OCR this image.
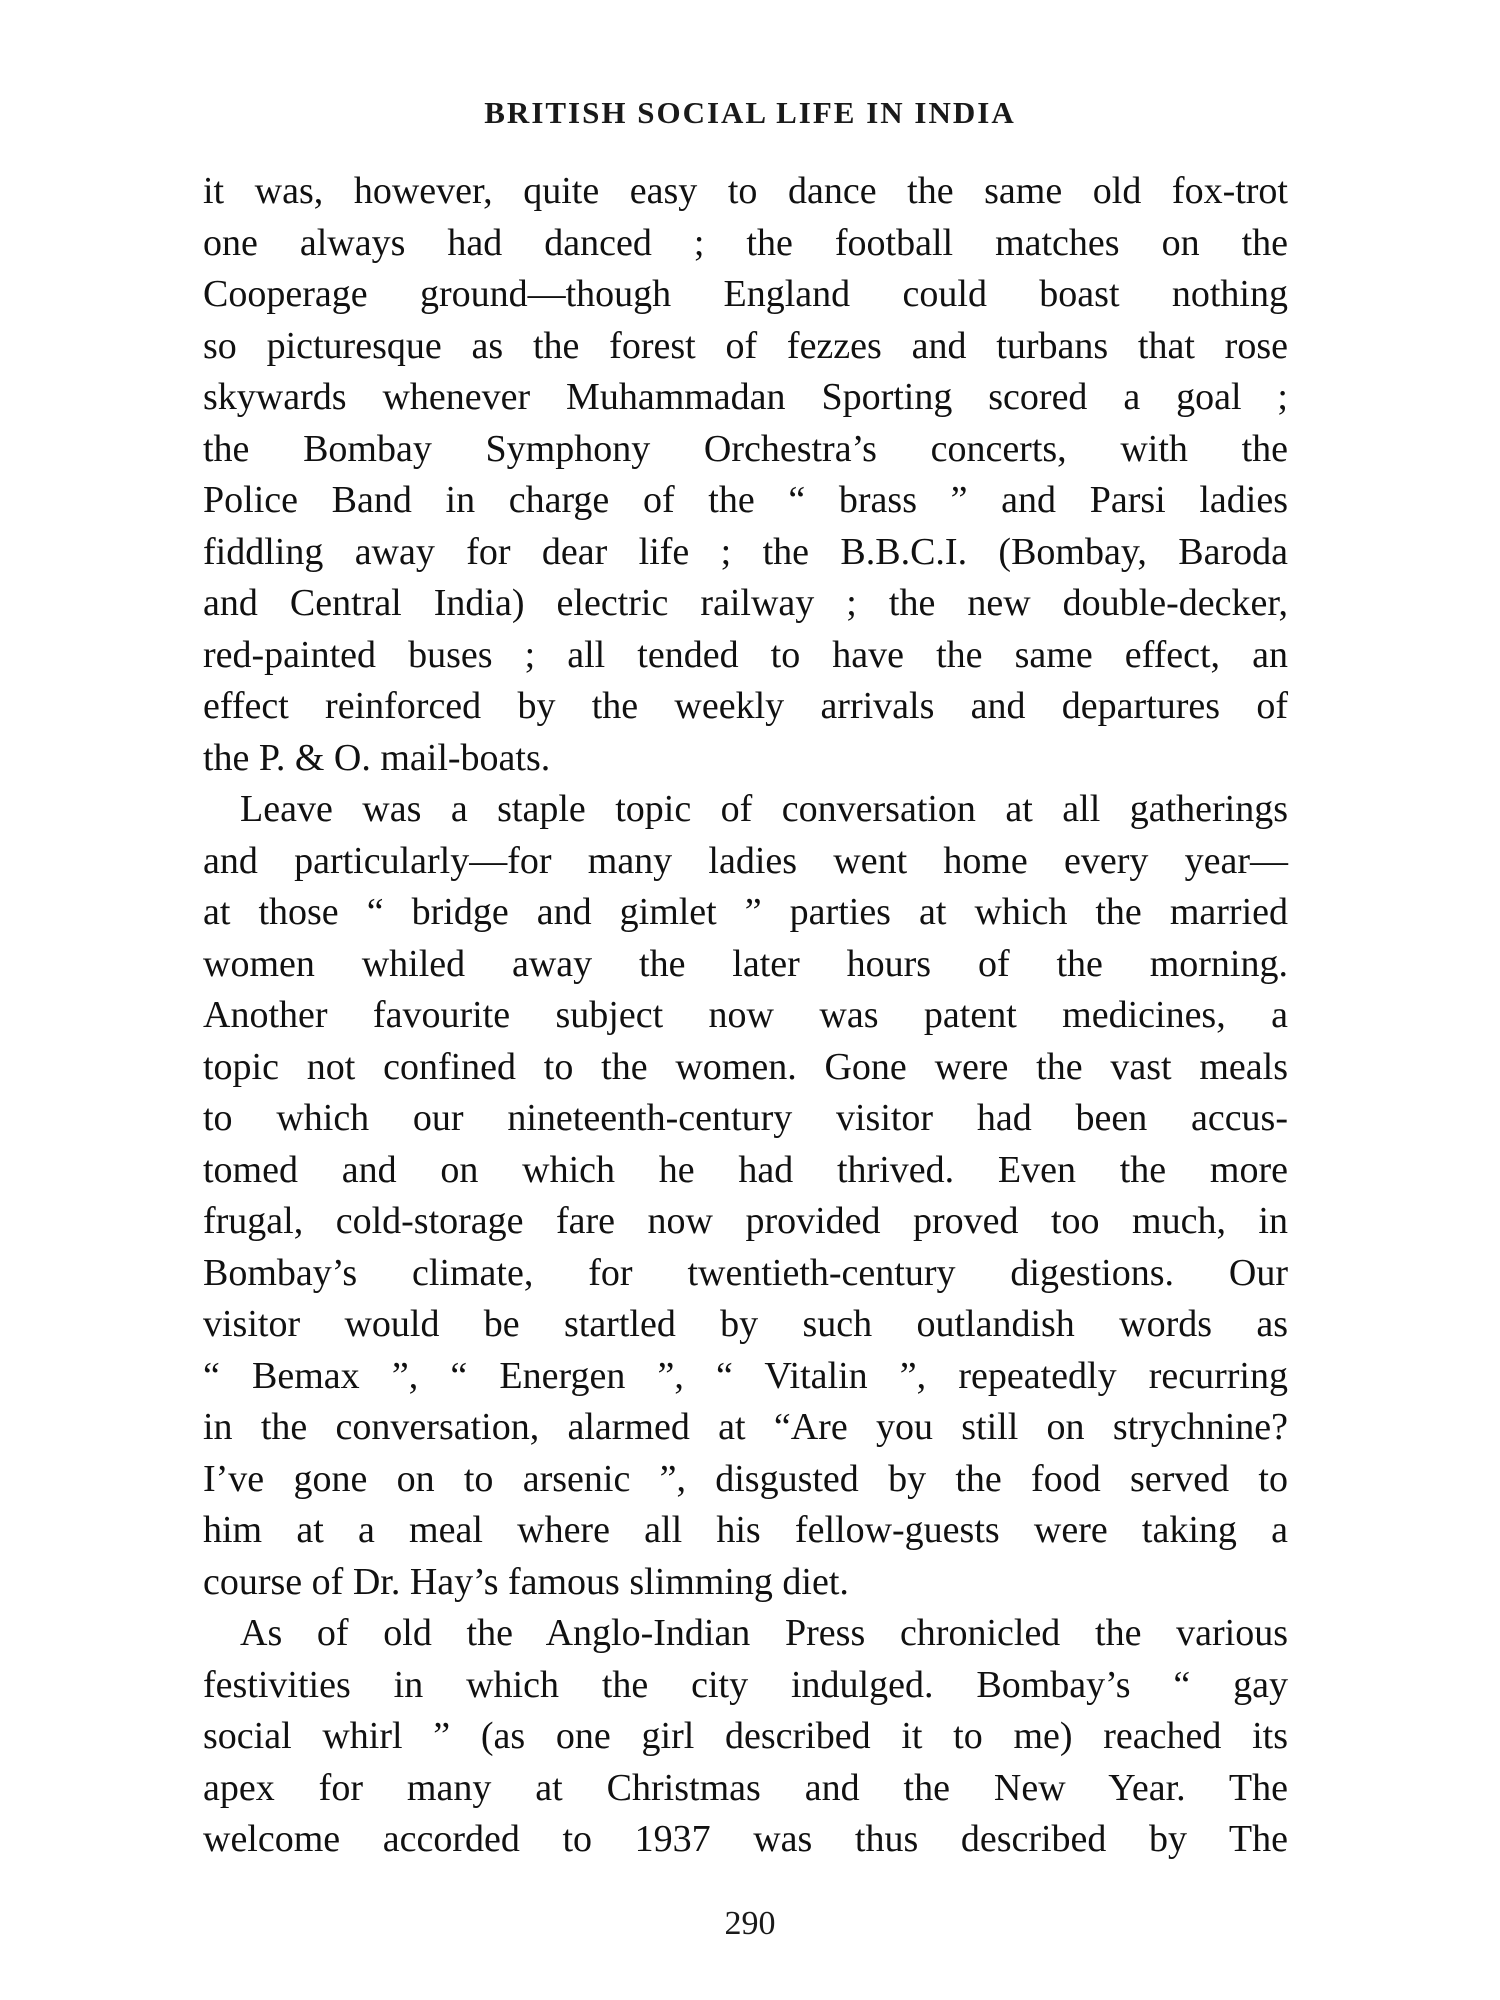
BRITISH SOCIAL LIFE IN INDIA
it was, however, quite easy to dance the same old fox-trot
one always had danced ; the football matches on the
Cooperage ground—though England could boast nothing
so picturesque as the forest of fezzes and turbans that rose
skywards whenever Muhammadan Sporting scored a goal ;
the Bombay Symphony Orchestra’s concerts, with the
Police Band in charge of the “ brass ” and Parsi ladies
fiddling away for dear life ; the B.B.C.I. (Bombay, Baroda
and Central India) electric railway ; the new double-decker,
red-painted buses ; all tended to have the same effect, an
effect reinforced by the weekly arrivals and departures of
the P. & O. mail-boats.
Leave was a staple topic of conversation at all gatherings
and particularly—for many ladies went home every year—
at those “ bridge and gimlet ” parties at which the married
women whiled away the later hours of the morning.
Another favourite subject now was patent medicines, a
topic not confined to the women. Gone were the vast meals
to which our nineteenth-century visitor had been accus-
tomed and on which he had thrived. Even the more
frugal, cold-storage fare now provided proved too much, in
Bombay’s climate, for twentieth-century digestions. Our
visitor would be startled by such outlandish words as
“ Bemax ”, “ Energen ”, “ Vitalin ”, repeatedly recurring
in the conversation, alarmed at “Are you still on strychnine?
I’ve gone on to arsenic ”, disgusted by the food served to
him at a meal where all his fellow-guests were taking a
course of Dr. Hay’s famous slimming diet.
As of old the Anglo-Indian Press chronicled the various
festivities in which the city indulged. Bombay’s “ gay
social whirl ” (as one girl described it to me) reached its
apex for many at Christmas and the New Year. The
welcome accorded to 1937 was thus described by The
290
